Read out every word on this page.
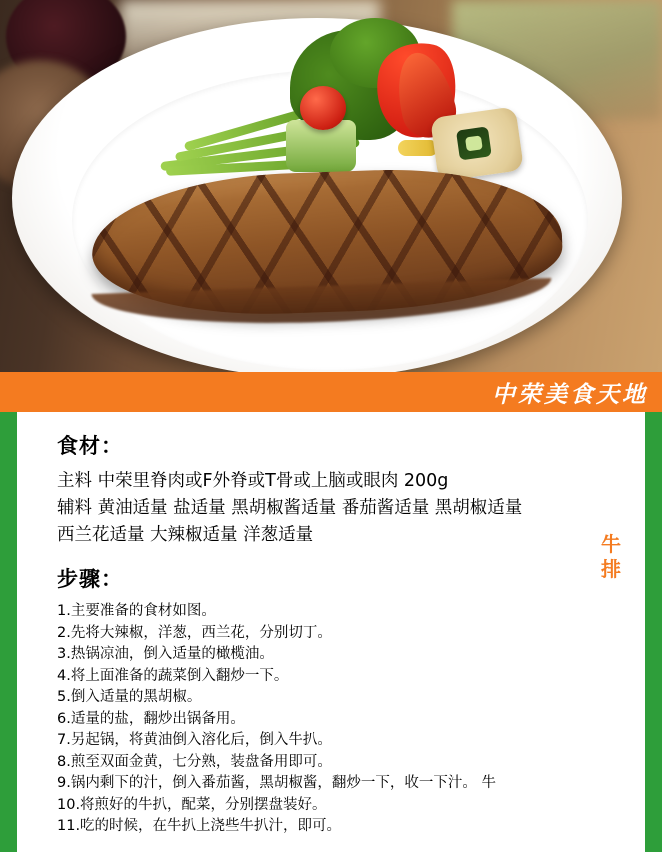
中荣美食天地
食材：
主料 中荣里脊肉或F外脊或T骨或上脑或眼肉 200g
辅料 黄油适量 盐适量 黑胡椒酱适量 番茄酱适量 黑胡椒适量
西兰花适量 大辣椒适量 洋葱适量
步骤：
1.主要准备的食材如图。
2.先将大辣椒，洋葱，西兰花，分别切丁。
3.热锅凉油，倒入适量的橄榄油。
4.将上面准备的蔬菜倒入翻炒一下。
5.倒入适量的黑胡椒。
6.适量的盐，翻炒出锅备用。
7.另起锅，将黄油倒入溶化后，倒入牛扒。
8.煎至双面金黄，七分熟，装盘备用即可。
9.锅内剩下的汁，倒入番茄酱，黑胡椒酱，翻炒一下，收一下汁。 牛
10.将煎好的牛扒，配菜，分别摆盘装好。
11.吃的时候，在牛扒上浇些牛扒汁，即可。
牛
排
